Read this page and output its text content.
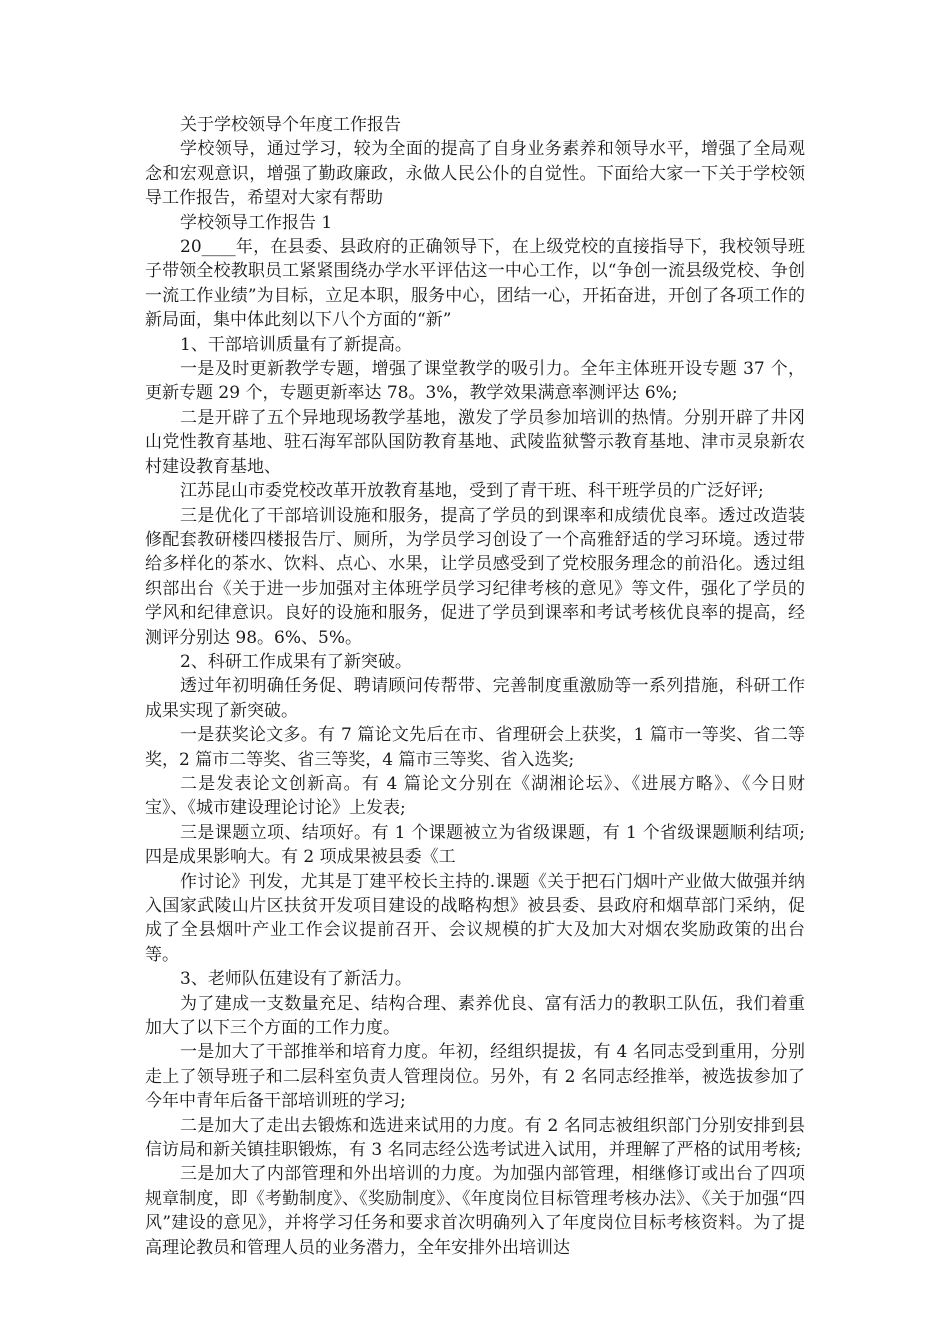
关于学校领导个年度工作报告

学校领导，通过学习，较为全面的提高了自身业务素养和领导水平，增强了全局观念和宏观意识，增强了勤政廉政，永做人民公仆的自觉性。下面给大家一下关于学校领导工作报告，希望对大家有帮助

学校领导工作报告 1

20____年，在县委、县政府的正确领导下，在上级党校的直接指导下，我校领导班子带领全校教职员工紧紧围绕办学水平评估这一中心工作，以“争创一流县级党校、争创一流工作业绩”为目标，立足本职，服务中心，团结一心，开拓奋进，开创了各项工作的新局面，集中体此刻以下八个方面的“新”

1、干部培训质量有了新提高。

一是及时更新教学专题，增强了课堂教学的吸引力。全年主体班开设专题 37 个，更新专题 29 个，专题更新率达 78。3%，教学效果满意率测评达 6%;

二是开辟了五个异地现场教学基地，激发了学员参加培训的热情。分别开辟了井冈山党性教育基地、驻石海军部队国防教育基地、武陵监狱警示教育基地、津市灵泉新农村建设教育基地、

江苏昆山市委党校改革开放教育基地，受到了青干班、科干班学员的广泛好评;

三是优化了干部培训设施和服务，提高了学员的到课率和成绩优良率。透过改造装修配套教研楼四楼报告厅、厕所，为学员学习创设了一个高雅舒适的学习环境。透过带给多样化的茶水、饮料、点心、水果，让学员感受到了党校服务理念的前沿化。透过组织部出台《关于进一步加强对主体班学员学习纪律考核的意见》等文件，强化了学员的学风和纪律意识。良好的设施和服务，促进了学员到课率和考试考核优良率的提高，经测评分别达 98。6%、5%。

2、科研工作成果有了新突破。

透过年初明确任务促、聘请顾问传帮带、完善制度重激励等一系列措施，科研工作成果实现了新突破。

一是获奖论文多。有 7 篇论文先后在市、省理研会上获奖，1 篇市一等奖、省二等奖，2 篇市二等奖、省三等奖，4 篇市三等奖、省入选奖;

二是发表论文创新高。有 4 篇论文分别在《湖湘论坛》、《进展方略》、《今日财宝》、《城市建设理论讨论》上发表;

三是课题立项、结项好。有 1 个课题被立为省级课题，有 1 个省级课题顺利结项;四是成果影响大。有 2 项成果被县委《工

作讨论》刊发，尤其是丁建平校长主持的.课题《关于把石门烟叶产业做大做强并纳入国家武陵山片区扶贫开发项目建设的战略构想》被县委、县政府和烟草部门采纳，促成了全县烟叶产业工作会议提前召开、会议规模的扩大及加大对烟农奖励政策的出台等。

3、老师队伍建设有了新活力。

为了建成一支数量充足、结构合理、素养优良、富有活力的教职工队伍，我们着重加大了以下三个方面的工作力度。

一是加大了干部推举和培育力度。年初，经组织提拔，有 4 名同志受到重用，分别走上了领导班子和二层科室负责人管理岗位。另外，有 2 名同志经推举，被选拔参加了今年中青年后备干部培训班的学习;

二是加大了走出去锻炼和选进来试用的力度。有 2 名同志被组织部门分别安排到县信访局和新关镇挂职锻炼，有 3 名同志经公选考试进入试用，并理解了严格的试用考核;

三是加大了内部管理和外出培训的力度。为加强内部管理，相继修订或出台了四项规章制度，即《考勤制度》、《奖励制度》、《年度岗位目标管理考核办法》、《关于加强“四风”建设的意见》，并将学习任务和要求首次明确列入了年度岗位目标考核资料。为了提高理论教员和管理人员的业务潜力，全年安排外出培训达
